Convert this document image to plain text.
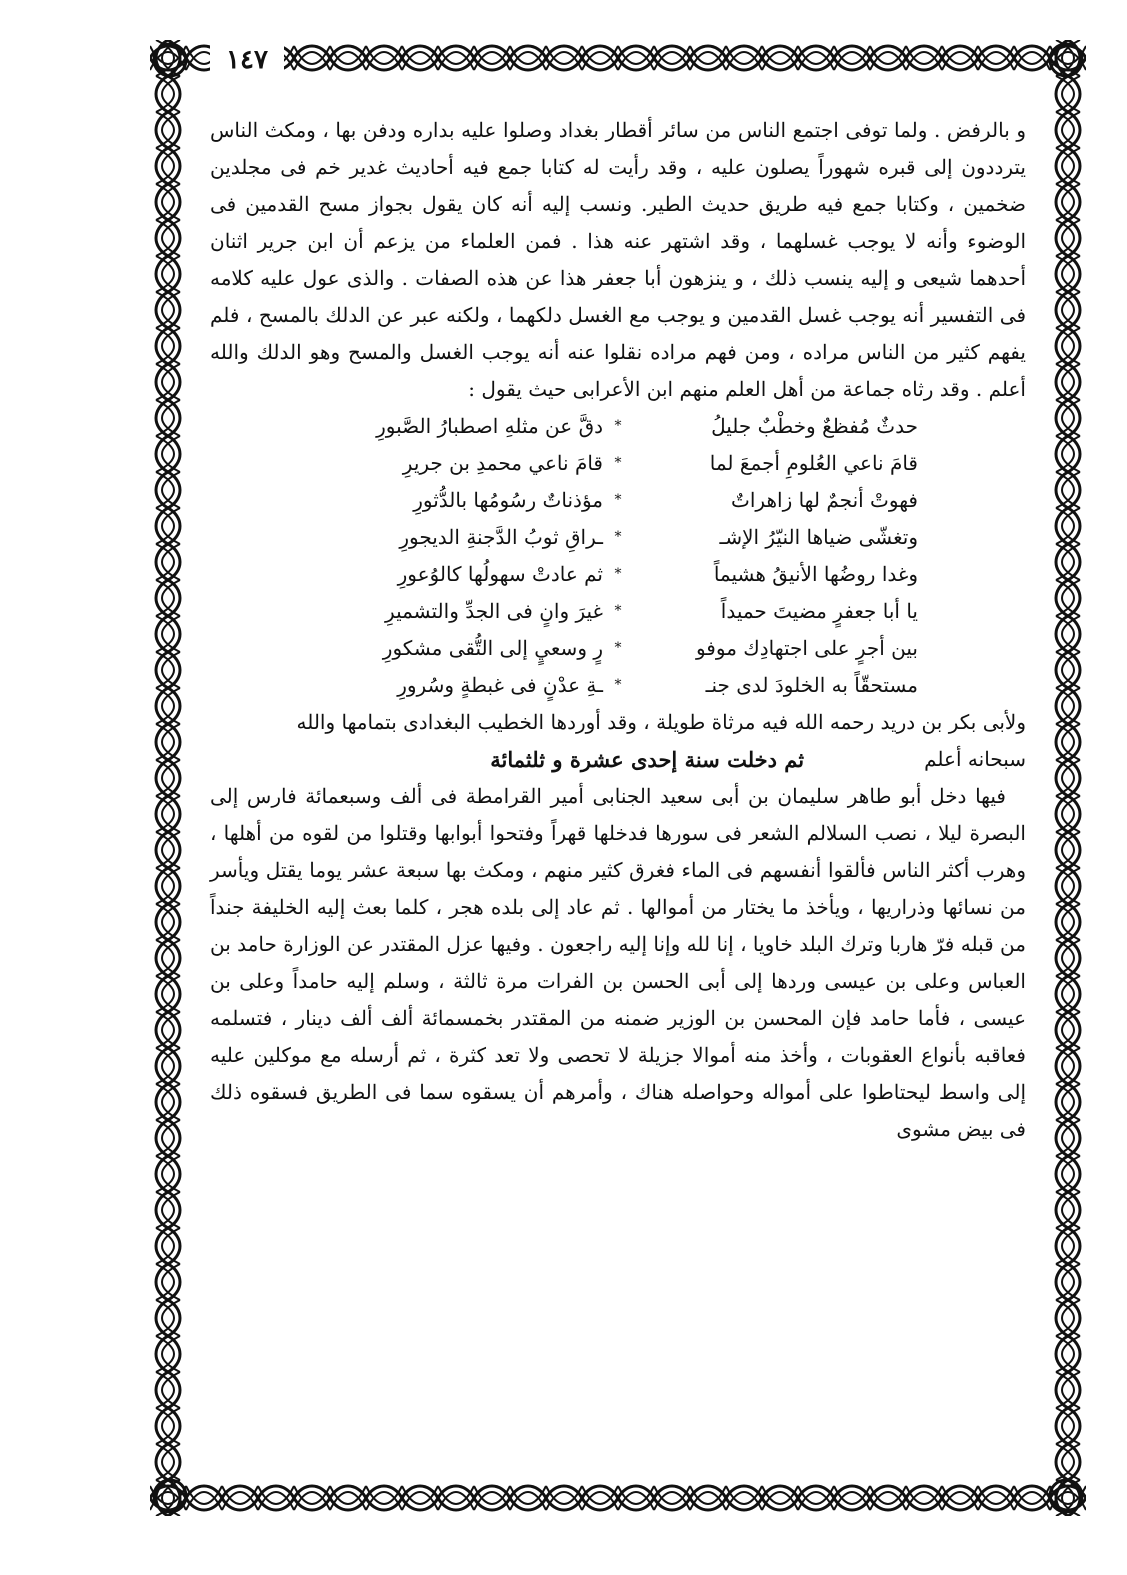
١٤٧

و بالرفض . ولما توفى اجتمع الناس من سائر أقطار بغداد وصلوا عليه بداره ودفن بها ، ومكث الناس يترددون إلى قبره شهوراً يصلون عليه ، وقد رأيت له كتابا جمع فيه أحاديث غدير خم فى مجلدين ضخمين ، وكتابا جمع فيه طريق حديث الطير. ونسب إليه أنه كان يقول بجواز مسح القدمين فى الوضوء وأنه لا يوجب غسلهما ، وقد اشتهر عنه هذا . فمن العلماء من يزعم أن ابن جرير اثنان أحدهما شيعى و إليه ينسب ذلك ، و ينزهون أبا جعفر هذا عن هذه الصفات . والذى عول عليه كلامه فى التفسير أنه يوجب غسل القدمين و يوجب مع الغسل دلكهما ، ولكنه عبر عن الدلك بالمسح ، فلم يفهم كثير من الناس مراده ، ومن فهم مراده نقلوا عنه أنه يوجب الغسل والمسح وهو الدلك والله أعلم . وقد رثاه جماعة من أهل العلم منهم ابن الأعرابى حيث يقول :

حدثٌ مُفظعٌ وخطْبٌ جليلُ
*
دقَّ عن مثلهِ اصطبارُ الصَّبورِ
قامَ ناعي العُلومِ أجمعَ لما
*
قامَ ناعي محمدِ بن جريرِ
فهوتْ أنجمٌ لها زاهراتٌ
*
مؤذناتٌ رسُومُها بالدُّثورِ
وتغشّى ضياها النيّرُ الإشـ
*
ـراقِ ثوبُ الدَّجنةِ الديجورِ
وغدا روضُها الأنيقُ هشيماً
*
ثم عادتْ سهولُها كالوُعورِ
يا أبا جعفرٍ مضيتَ حميداً
*
غيرَ وانٍ فى الجدِّ والتشميرِ
بين أجرٍ على اجتهادِك موفو
*
رٍ وسعيٍ إلى التُّقى مشكورِ
مستحقّاً به الخلودَ لدى جنـ
*
ـةِ عدْنٍ فى غبطةٍ وسُرورِ

ولأبى بكر بن دريد رحمه الله فيه مرثاة طويلة ، وقد أوردها الخطيب البغدادى بتمامها والله

سبحانه أعلم
ثم دخلت سنة إحدى عشرة و ثلثمائة

فيها دخل أبو طاهر سليمان بن أبى سعيد الجنابى أمير القرامطة فى ألف وسبعمائة فارس إلى البصرة ليلا ، نصب السلالم الشعر فى سورها فدخلها قهراً وفتحوا أبوابها وقتلوا من لقوه من أهلها ، وهرب أكثر الناس فألقوا أنفسهم فى الماء فغرق كثير منهم ، ومكث بها سبعة عشر يوما يقتل ويأسر من نسائها وذراريها ، ويأخذ ما يختار من أموالها . ثم عاد إلى بلده هجر ، كلما بعث إليه الخليفة جنداً من قبله فرّ هاربا وترك البلد خاويا ، إنا لله وإنا إليه راجعون . وفيها عزل المقتدر عن الوزارة حامد بن العباس وعلى بن عيسى وردها إلى أبى الحسن بن الفرات مرة ثالثة ، وسلم إليه حامداً وعلى بن عيسى ، فأما حامد فإن المحسن بن الوزير ضمنه من المقتدر بخمسمائة ألف ألف دينار ، فتسلمه فعاقبه بأنواع العقوبات ، وأخذ منه أموالا جزيلة لا تحصى ولا تعد كثرة ، ثم أرسله مع موكلين عليه إلى واسط ليحتاطوا على أمواله وحواصله هناك ، وأمرهم أن يسقوه سما فى الطريق فسقوه ذلك فى بيض مشوى
